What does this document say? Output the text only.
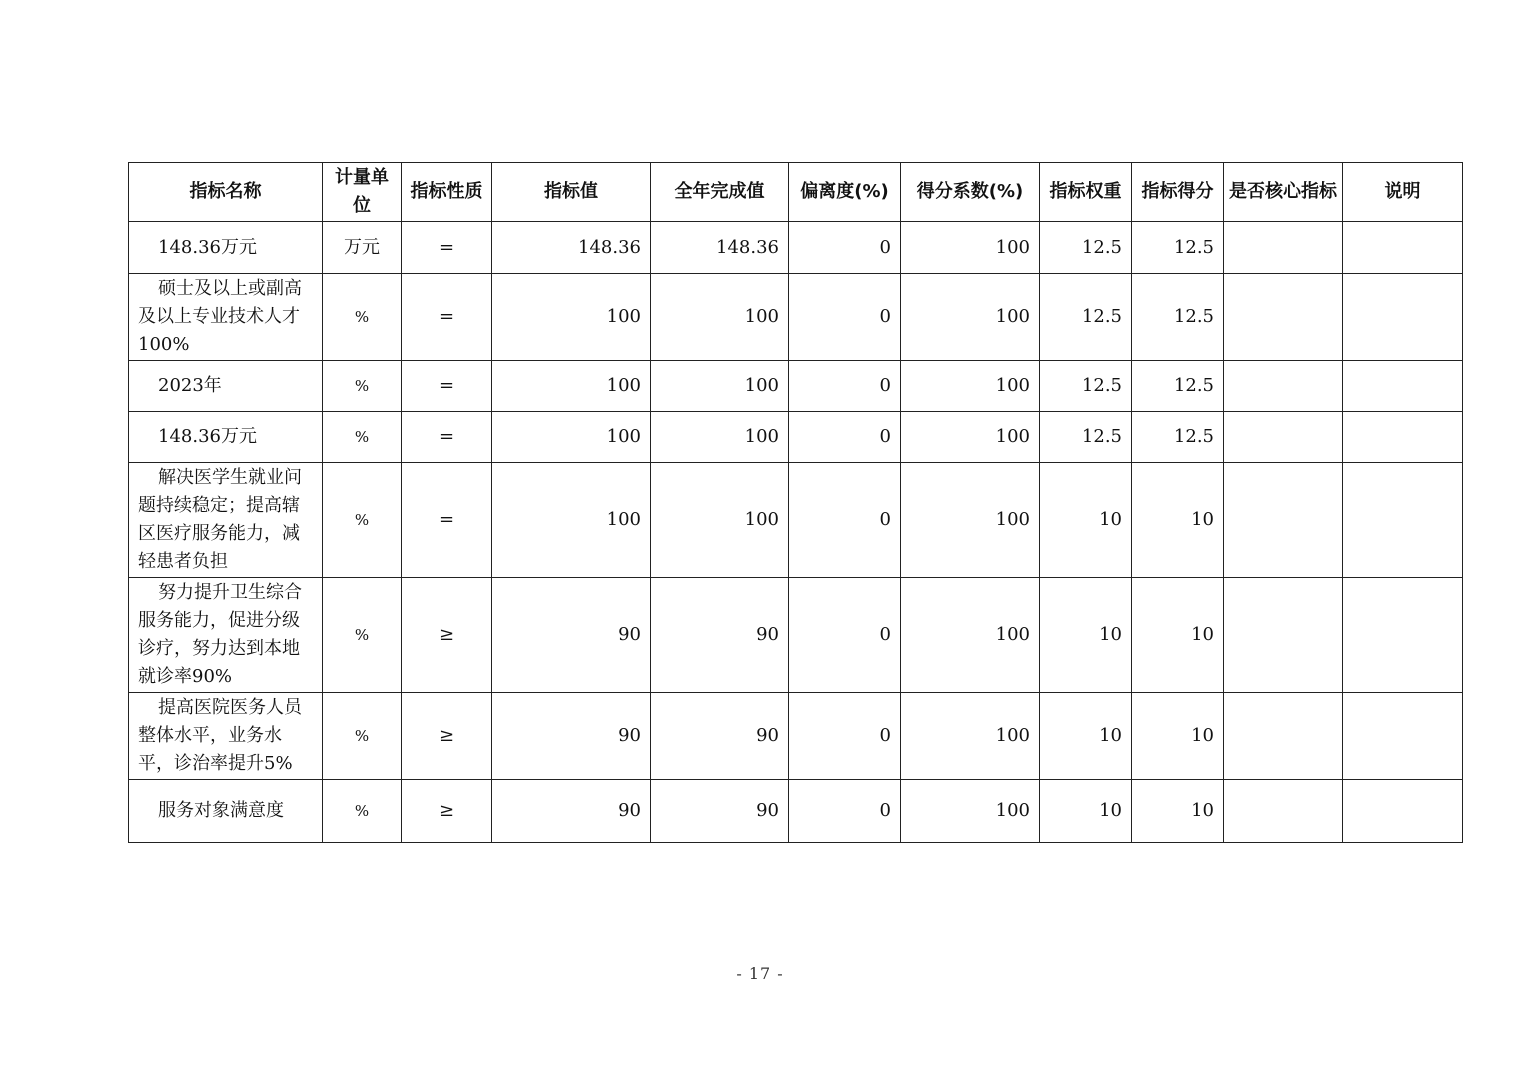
指标名称	计量单位	指标性质	指标值	全年完成值	偏离度(%)	得分系数(%)	指标权重	指标得分	是否核心指标	说明
148.36万元	万元	=	148.36	148.36	0	100	12.5	12.5		
硕士及以上或副高及以上专业技术人才100%	%	=	100	100	0	100	12.5	12.5		
2023年	%	=	100	100	0	100	12.5	12.5		
148.36万元	%	=	100	100	0	100	12.5	12.5		
解决医学生就业问题持续稳定；提高辖区医疗服务能力，减轻患者负担	%	=	100	100	0	100	10	10		
努力提升卫生综合服务能力，促进分级诊疗，努力达到本地就诊率90%	%	≥	90	90	0	100	10	10		
提高医院医务人员整体水平，业务水平，诊治率提升5%	%	≥	90	90	0	100	10	10		
服务对象满意度	%	≥	90	90	0	100	10	10		
- 17 -
